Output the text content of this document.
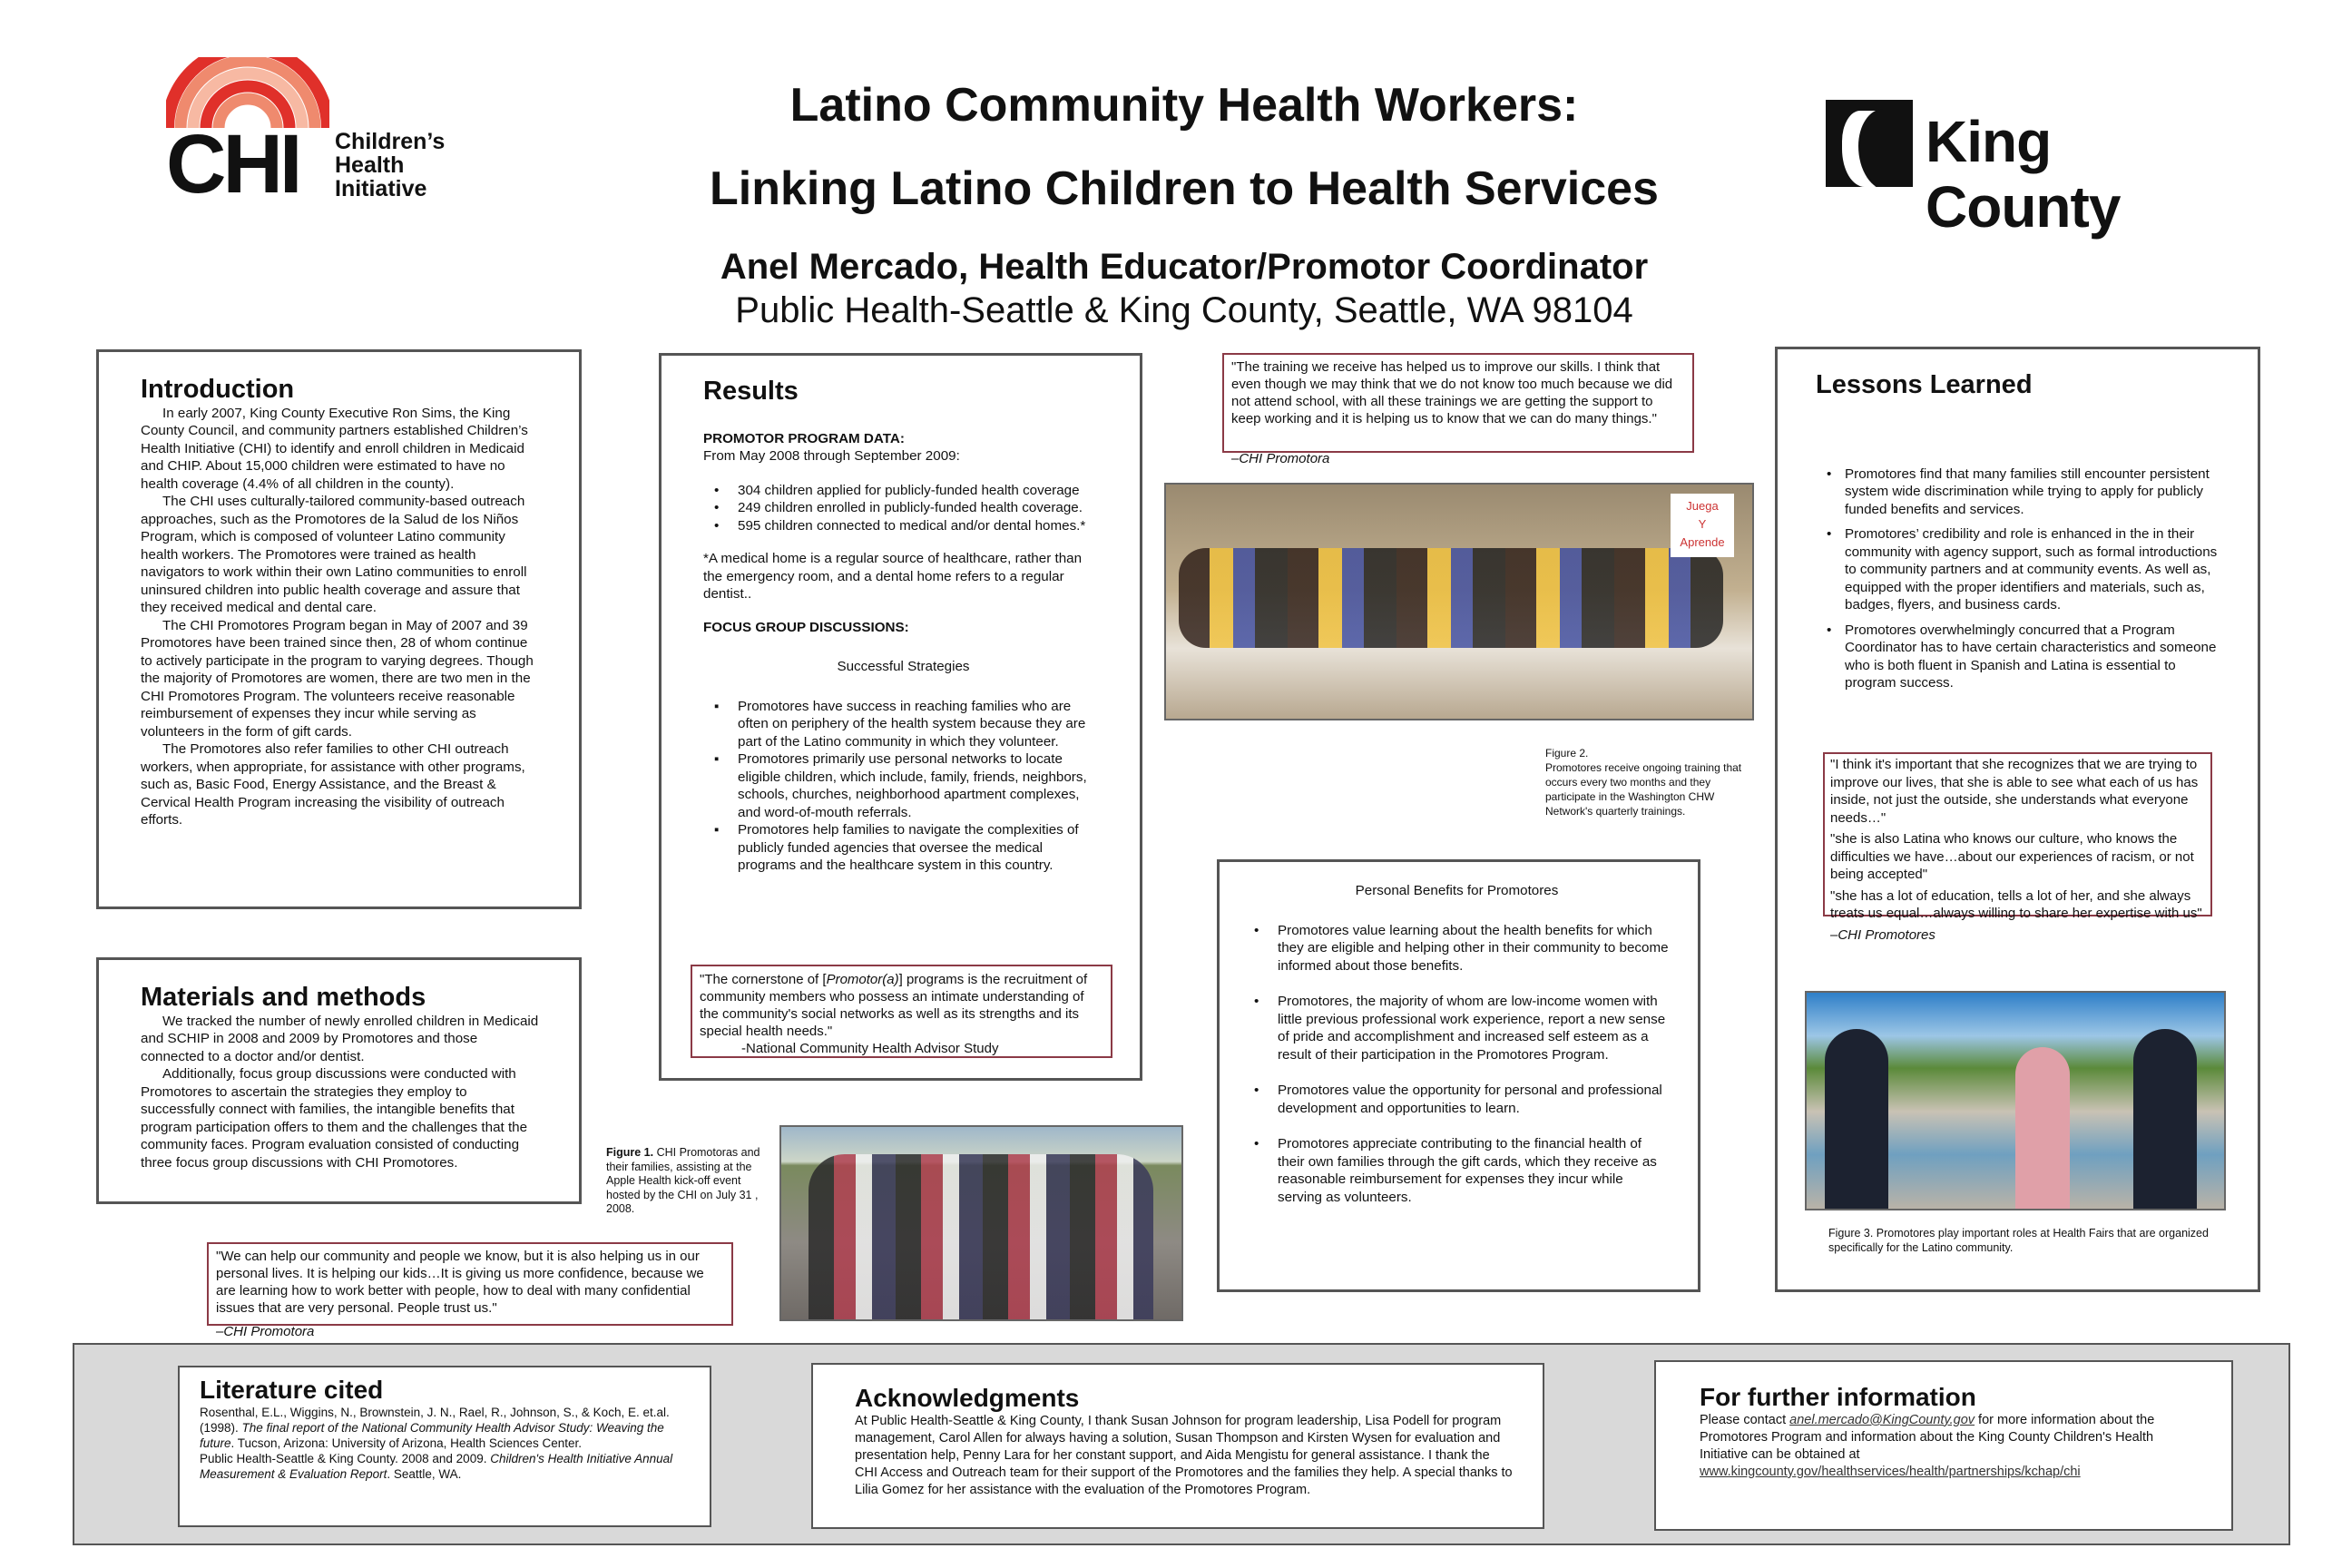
CHI Children’s
Health
Initiative
Latino Community Health Workers:
Linking Latino Children to Health Services
Anel Mercado, Health Educator/Promotor Coordinator
Public Health-Seattle & King County, Seattle, WA 98104
King County
Introduction
In early 2007, King County Executive Ron Sims, the King County Council, and community partners established Children’s Health Initiative (CHI) to identify and enroll children in Medicaid and CHIP. About 15,000 children were estimated to have no health coverage (4.4% of all children in the county).
The CHI uses culturally-tailored community-based outreach approaches, such as the Promotores de la Salud de los Niños Program, which is composed of volunteer Latino community health workers. The Promotores were trained as health navigators to work within their own Latino communities to enroll uninsured children into public health coverage and assure that they received medical and dental care.
The CHI Promotores Program began in May of 2007 and 39 Promotores have been trained since then, 28 of whom continue to actively participate in the program to varying degrees. Though the majority of Promotores are women, there are two men in the CHI Promotores Program. The volunteers receive reasonable reimbursement of expenses they incur while serving as volunteers in the form of gift cards.
The Promotores also refer families to other CHI outreach workers, when appropriate, for assistance with other programs, such as, Basic Food, Energy Assistance, and the Breast & Cervical Health Program increasing the visibility of outreach efforts.
Materials and methods
We tracked the number of newly enrolled children in Medicaid and SCHIP in 2008 and 2009 by Promotores and those connected to a doctor and/or dentist.
Additionally, focus group discussions were conducted with Promotores to ascertain the strategies they employ to successfully connect with families, the intangible benefits that program participation offers to them and the challenges that the community faces. Program evaluation consisted of conducting three focus group discussions with CHI Promotores.
"We can help our community and people we know, but it is also helping us in our personal lives. It is helping our kids…It is giving us more confidence, because we are learning how to work better with people, how to deal with many confidential issues that are very personal. People trust us."
–CHI Promotora
Results
PROMOTOR PROGRAM DATA:
From May 2008 through September 2009:
• 304 children applied for publicly-funded health coverage
• 249 children enrolled in publicly-funded health coverage.
• 595 children connected to medical and/or dental homes.*
*A medical home is a regular source of healthcare, rather than the emergency room, and a dental home refers to a regular dentist..
FOCUS GROUP DISCUSSIONS:
Successful Strategies
▪ Promotores have success in reaching families who are often on periphery of the health system because they are part of the Latino community in which they volunteer.
▪ Promotores primarily use personal networks to locate eligible children, which include, family, friends, neighbors, schools, churches, neighborhood apartment complexes, and word-of-mouth referrals.
▪ Promotores help families to navigate the complexities of publicly funded agencies that oversee the medical programs and the healthcare system in this country.
"The cornerstone of [Promotor(a)] programs is the recruitment of community members who possess an intimate understanding of the community's social networks as well as its strengths and its special health needs."
-National Community Health Advisor Study
Figure 1. CHI Promotoras and their families, assisting at the Apple Health kick-off event hosted by the CHI on July 31 , 2008.
"The training we receive has helped us to improve our skills. I think that even though we may think that we do not know too much because we did not attend school, with all these trainings we are getting the support to keep working and it is helping us to know that we can do many things."
–CHI Promotora
Juega
Y
Aprende
Figure 2.
Promotores receive ongoing training that occurs every two months and they participate in the Washington CHW Network's quarterly trainings.
Personal Benefits for Promotores
• Promotores value learning about the health benefits for which they are eligible and helping other in their community to become informed about those benefits.
• Promotores, the majority of whom are low-income women with little previous professional work experience, report a new sense of pride and accomplishment and increased self esteem as a result of their participation in the Promotores Program.
• Promotores value the opportunity for personal and professional development and opportunities to learn.
• Promotores appreciate contributing to the financial health of their own families through the gift cards, which they receive as reasonable reimbursement for expenses they incur while serving as volunteers.
Lessons Learned
• Promotores find that many families still encounter persistent system wide discrimination while trying to apply for publicly funded benefits and services.
• Promotores’ credibility and role is enhanced in the in their community with agency support, such as formal introductions to community partners and at community events. As well as, equipped with the proper identifiers and materials, such as, badges, flyers, and business cards.
• Promotores overwhelmingly concurred that a Program Coordinator has to have certain characteristics and someone who is both fluent in Spanish and Latina is essential to program success.
"I think it's important that she recognizes that we are trying to improve our lives, that she is able to see what each of us has inside, not just the outside, she understands what everyone needs…"
"she is also Latina who knows our culture, who knows the difficulties we have…about our experiences of racism, or not being accepted"
"she has a lot of education, tells a lot of her, and she always treats us equal…always willing to share her expertise with us"
–CHI Promotores
Figure 3. Promotores play important roles at Health Fairs that are organized specifically for the Latino community.
Literature cited
Rosenthal, E.L., Wiggins, N., Brownstein, J. N., Rael, R., Johnson, S., & Koch, E. et.al. (1998). The final report of the National Community Health Advisor Study: Weaving the future. Tucson, Arizona: University of Arizona, Health Sciences Center.
Public Health-Seattle & King County. 2008 and 2009. Children's Health Initiative Annual Measurement & Evaluation Report. Seattle, WA.
Acknowledgments
At Public Health-Seattle & King County, I thank Susan Johnson for program leadership, Lisa Podell for program management, Carol Allen for always having a solution, Susan Thompson and Kirsten Wysen for evaluation and presentation help, Penny Lara for her constant support, and Aida Mengistu for general assistance. I thank the CHI Access and Outreach team for their support of the Promotores and the families they help. A special thanks to Lilia Gomez for her assistance with the evaluation of the Promotores Program.
For further information
Please contact anel.mercado@KingCounty.gov for more information about the Promotores Program and information about the King County Children's Health Initiative can be obtained at www.kingcounty.gov/healthservices/health/partnerships/kchap/chi
